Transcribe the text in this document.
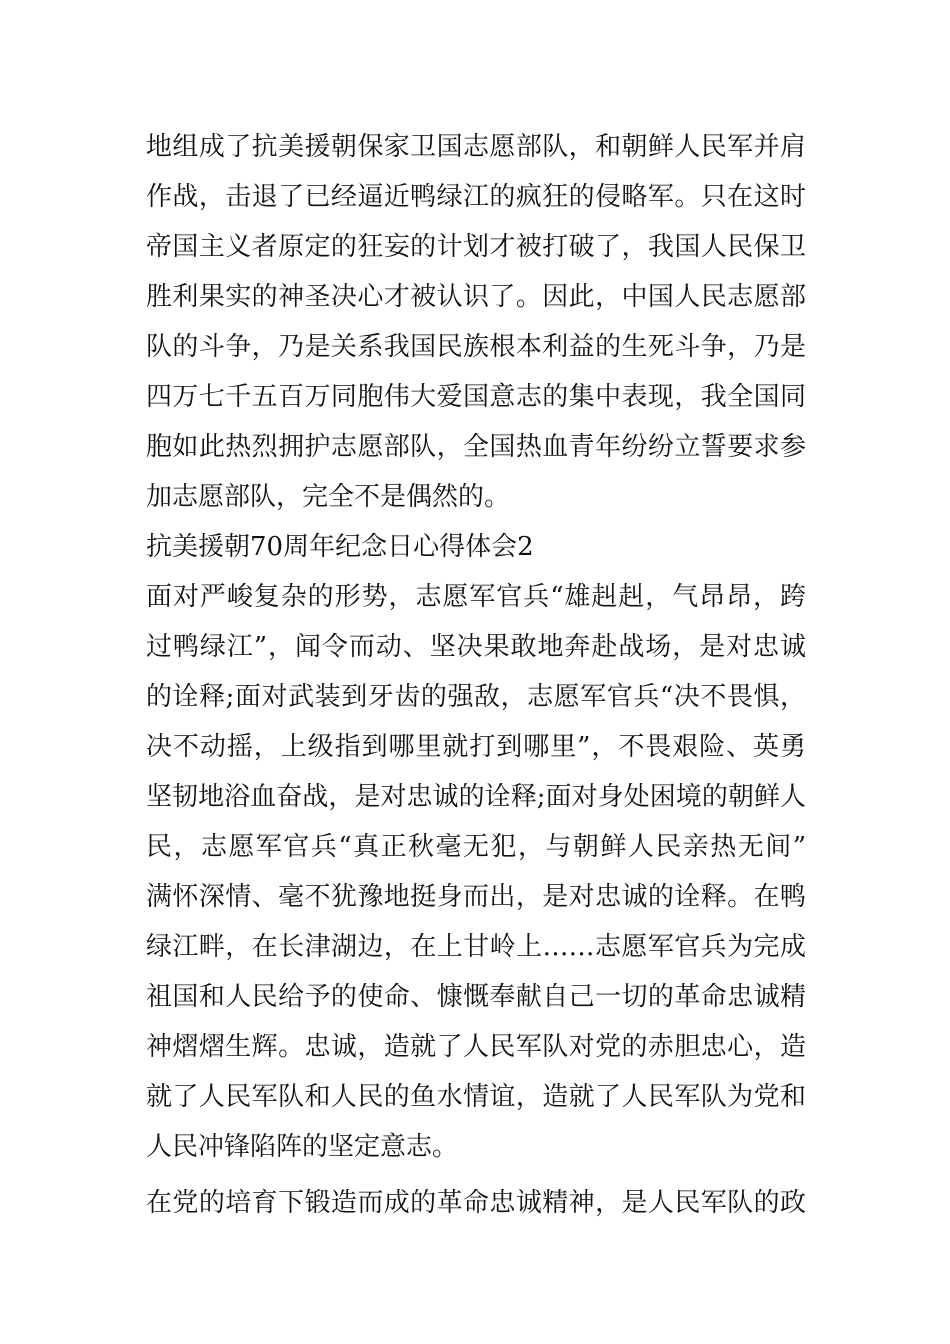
地组成了抗美援朝保家卫国志愿部队，和朝鲜人民军并肩
作战，击退了已经逼近鸭绿江的疯狂的侵略军。只在这时
帝国主义者原定的狂妄的计划才被打破了，我国人民保卫
胜利果实的神圣决心才被认识了。因此，中国人民志愿部
队的斗争，乃是关系我国民族根本利益的生死斗争，乃是
四万七千五百万同胞伟大爱国意志的集中表现，我全国同
胞如此热烈拥护志愿部队，全国热血青年纷纷立誓要求参
加志愿部队，完全不是偶然的。
抗美援朝70周年纪念日心得体会2
面对严峻复杂的形势，志愿军官兵“雄赳赳，气昂昂，跨
过鸭绿江”，闻令而动、坚决果敢地奔赴战场，是对忠诚
的诠释;面对武装到牙齿的强敌，志愿军官兵“决不畏惧，
决不动摇，上级指到哪里就打到哪里”，不畏艰险、英勇
坚韧地浴血奋战，是对忠诚的诠释;面对身处困境的朝鲜人
民，志愿军官兵“真正秋毫无犯，与朝鲜人民亲热无间”
满怀深情、毫不犹豫地挺身而出，是对忠诚的诠释。在鸭
绿江畔，在长津湖边，在上甘岭上……志愿军官兵为完成
祖国和人民给予的使命、慷慨奉献自己一切的革命忠诚精
神熠熠生辉。忠诚，造就了人民军队对党的赤胆忠心，造
就了人民军队和人民的鱼水情谊，造就了人民军队为党和
人民冲锋陷阵的坚定意志。
在党的培育下锻造而成的革命忠诚精神，是人民军队的政
